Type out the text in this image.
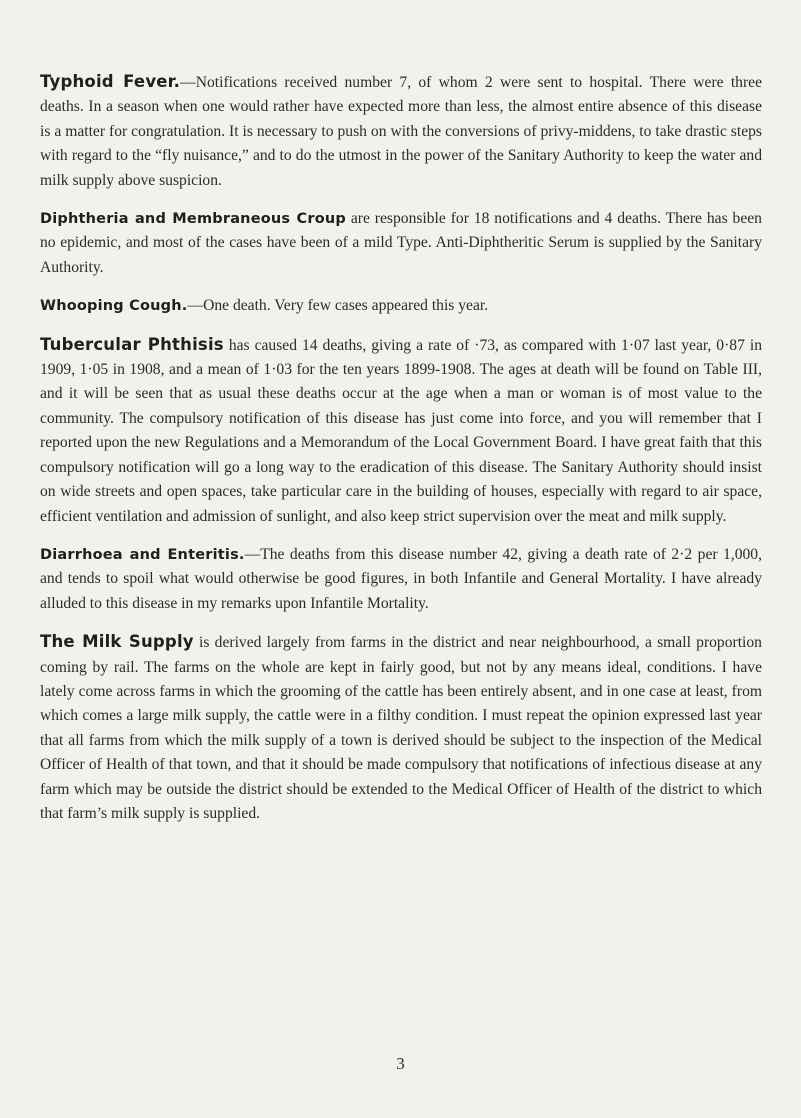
Typhoid Fever.—Notifications received number 7, of whom 2 were sent to hospital. There were three deaths. In a season when one would rather have expected more than less, the almost entire absence of this disease is a matter for congratulation. It is necessary to push on with the conversions of privy-middens, to take drastic steps with regard to the “fly nuisance,” and to do the utmost in the power of the Sanitary Authority to keep the water and milk supply above suspicion.

Diphtheria and Membraneous Croup are responsible for 18 notifications and 4 deaths. There has been no epidemic, and most of the cases have been of a mild Type. Anti-Diphtheritic Serum is supplied by the Sanitary Authority.

Whooping Cough.—One death. Very few cases appeared this year.

Tubercular Phthisis has caused 14 deaths, giving a rate of ·73, as compared with 1·07 last year, 0·87 in 1909, 1·05 in 1908, and a mean of 1·03 for the ten years 1899-1908. The ages at death will be found on Table III, and it will be seen that as usual these deaths occur at the age when a man or woman is of most value to the community. The compulsory notification of this disease has just come into force, and you will remember that I reported upon the new Regulations and a Memorandum of the Local Government Board. I have great faith that this compulsory notification will go a long way to the eradication of this disease. The Sanitary Authority should insist on wide streets and open spaces, take particular care in the building of houses, especially with regard to air space, efficient ventilation and admission of sunlight, and also keep strict supervision over the meat and milk supply.

Diarrhoea and Enteritis.—The deaths from this disease number 42, giving a death rate of 2·2 per 1,000, and tends to spoil what would otherwise be good figures, in both Infantile and General Mortality. I have already alluded to this disease in my remarks upon Infantile Mortality.

The Milk Supply is derived largely from farms in the district and near neighbourhood, a small proportion coming by rail. The farms on the whole are kept in fairly good, but not by any means ideal, conditions. I have lately come across farms in which the grooming of the cattle has been entirely absent, and in one case at least, from which comes a large milk supply, the cattle were in a filthy condition. I must repeat the opinion expressed last year that all farms from which the milk supply of a town is derived should be subject to the inspection of the Medical Officer of Health of that town, and that it should be made compulsory that notifications of infectious disease at any farm which may be outside the district should be extended to the Medical Officer of Health of the district to which that farm’s milk supply is supplied.

3
